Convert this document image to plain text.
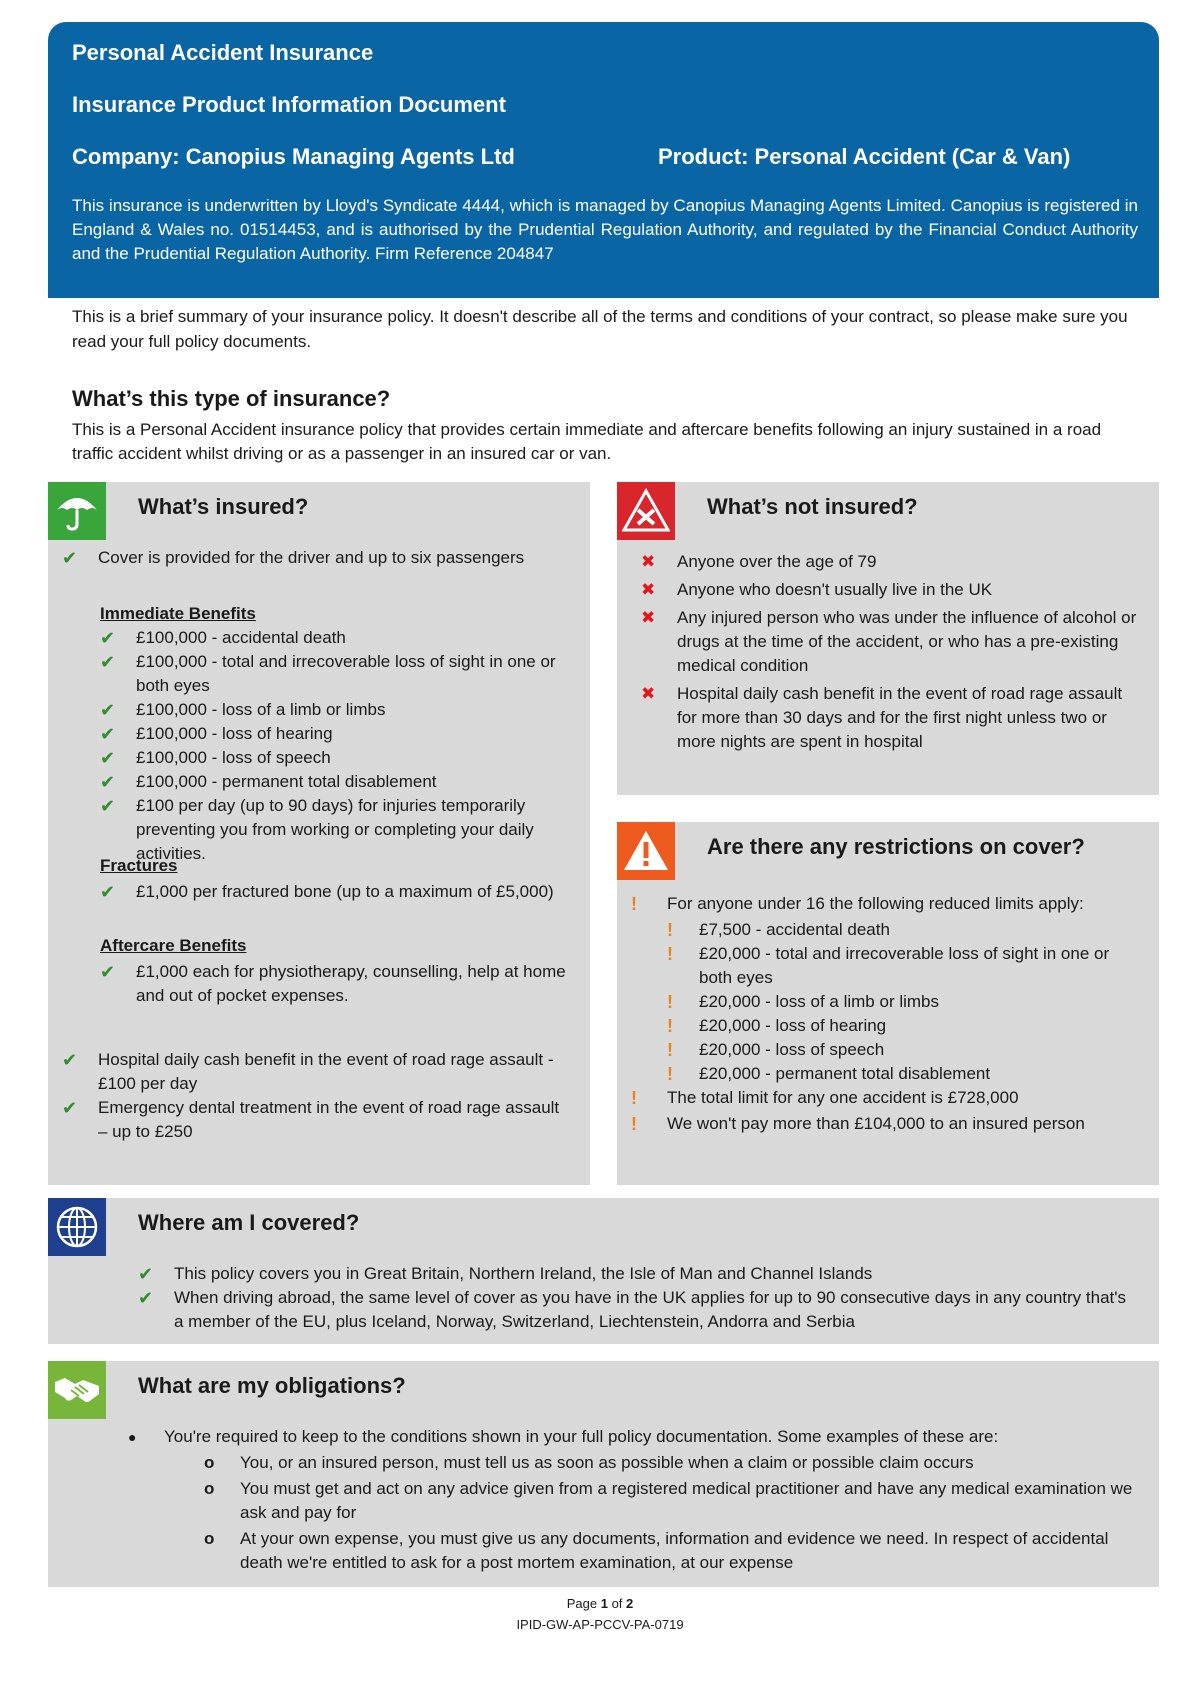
Personal Accident Insurance
Insurance Product Information Document
Company: Canopius Managing Agents Ltd	Product: Personal Accident (Car & Van)
This insurance is underwritten by Lloyd's Syndicate 4444, which is managed by Canopius Managing Agents Limited. Canopius is registered in England & Wales no. 01514453, and is authorised by the Prudential Regulation Authority, and regulated by the Financial Conduct Authority and the Prudential Regulation Authority. Firm Reference 204847
This is a brief summary of your insurance policy. It doesn't describe all of the terms and conditions of your contract, so please make sure you read your full policy documents.
What’s this type of insurance?
This is a Personal Accident insurance policy that provides certain immediate and aftercare benefits following an injury sustained in a road traffic accident whilst driving or as a passenger in an insured car or van.
What’s insured?
✔ Cover is provided for the driver and up to six passengers
Immediate Benefits
✔ £100,000 - accidental death
✔ £100,000 - total and irrecoverable loss of sight in one or both eyes
✔ £100,000 - loss of a limb or limbs
✔ £100,000 - loss of hearing
✔ £100,000 - loss of speech
✔ £100,000 - permanent total disablement
✔ £100 per day (up to 90 days) for injuries temporarily preventing you from working or completing your daily activities.
Fractures
✔ £1,000 per fractured bone (up to a maximum of £5,000)
Aftercare Benefits
✔ £1,000 each for physiotherapy, counselling, help at home and out of pocket expenses.
✔ Hospital daily cash benefit in the event of road rage assault - £100 per day
✔ Emergency dental treatment in the event of road rage assault – up to £250
What’s not insured?
✖ Anyone over the age of 79
✖ Anyone who doesn't usually live in the UK
✖ Any injured person who was under the influence of alcohol or drugs at the time of the accident, or who has a pre-existing medical condition
✖ Hospital daily cash benefit in the event of road rage assault for more than 30 days and for the first night unless two or more nights are spent in hospital
Are there any restrictions on cover?
! For anyone under 16 the following reduced limits apply:
! £7,500 - accidental death
! £20,000 - total and irrecoverable loss of sight in one or both eyes
! £20,000 - loss of a limb or limbs
! £20,000 - loss of hearing
! £20,000 - loss of speech
! £20,000 - permanent total disablement
! The total limit for any one accident is £728,000
! We won't pay more than £104,000 to an insured person
Where am I covered?
✔ This policy covers you in Great Britain, Northern Ireland, the Isle of Man and Channel Islands
✔ When driving abroad, the same level of cover as you have in the UK applies for up to 90 consecutive days in any country that's a member of the EU, plus Iceland, Norway, Switzerland, Liechtenstein, Andorra and Serbia
What are my obligations?
● You're required to keep to the conditions shown in your full policy documentation. Some examples of these are:
o You, or an insured person, must tell us as soon as possible when a claim or possible claim occurs
o You must get and act on any advice given from a registered medical practitioner and have any medical examination we ask and pay for
o At your own expense, you must give us any documents, information and evidence we need. In respect of accidental death we're entitled to ask for a post mortem examination, at our expense
Page 1 of 2
IPID-GW-AP-PCCV-PA-0719
